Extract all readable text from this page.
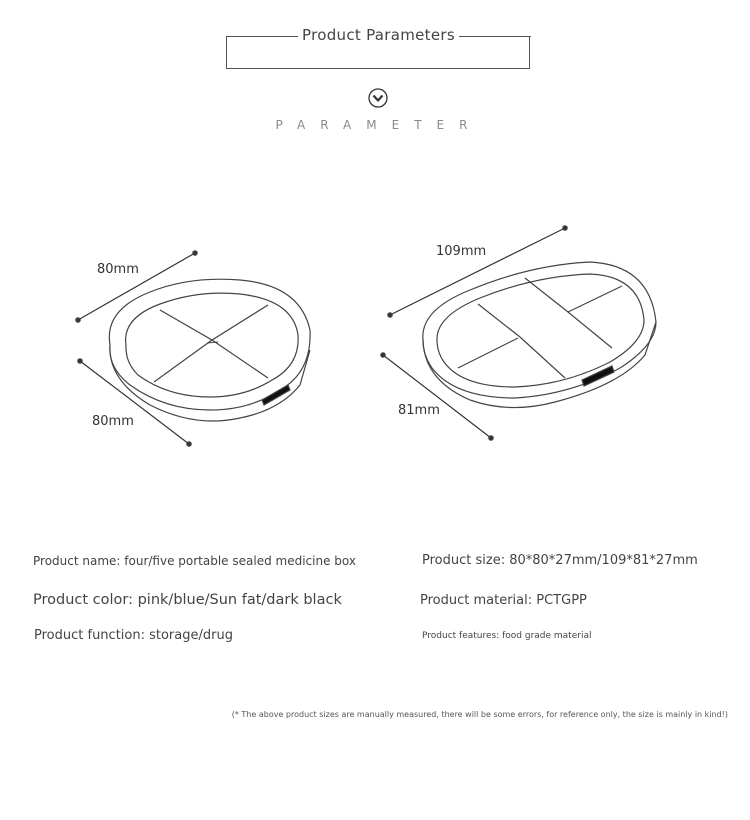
Product Parameters
PARAMETER
80mm
80mm
109mm
81mm
Product name: four/five portable sealed medicine box	Product size: 80*80*27mm/109*81*27mm
Product color: pink/blue/Sun fat/dark black	Product material: PCTGPP
Product function: storage/drug	Product features: food grade material
(* The above product sizes are manually measured, there will be some errors, for reference only, the size is mainly in kind!)
